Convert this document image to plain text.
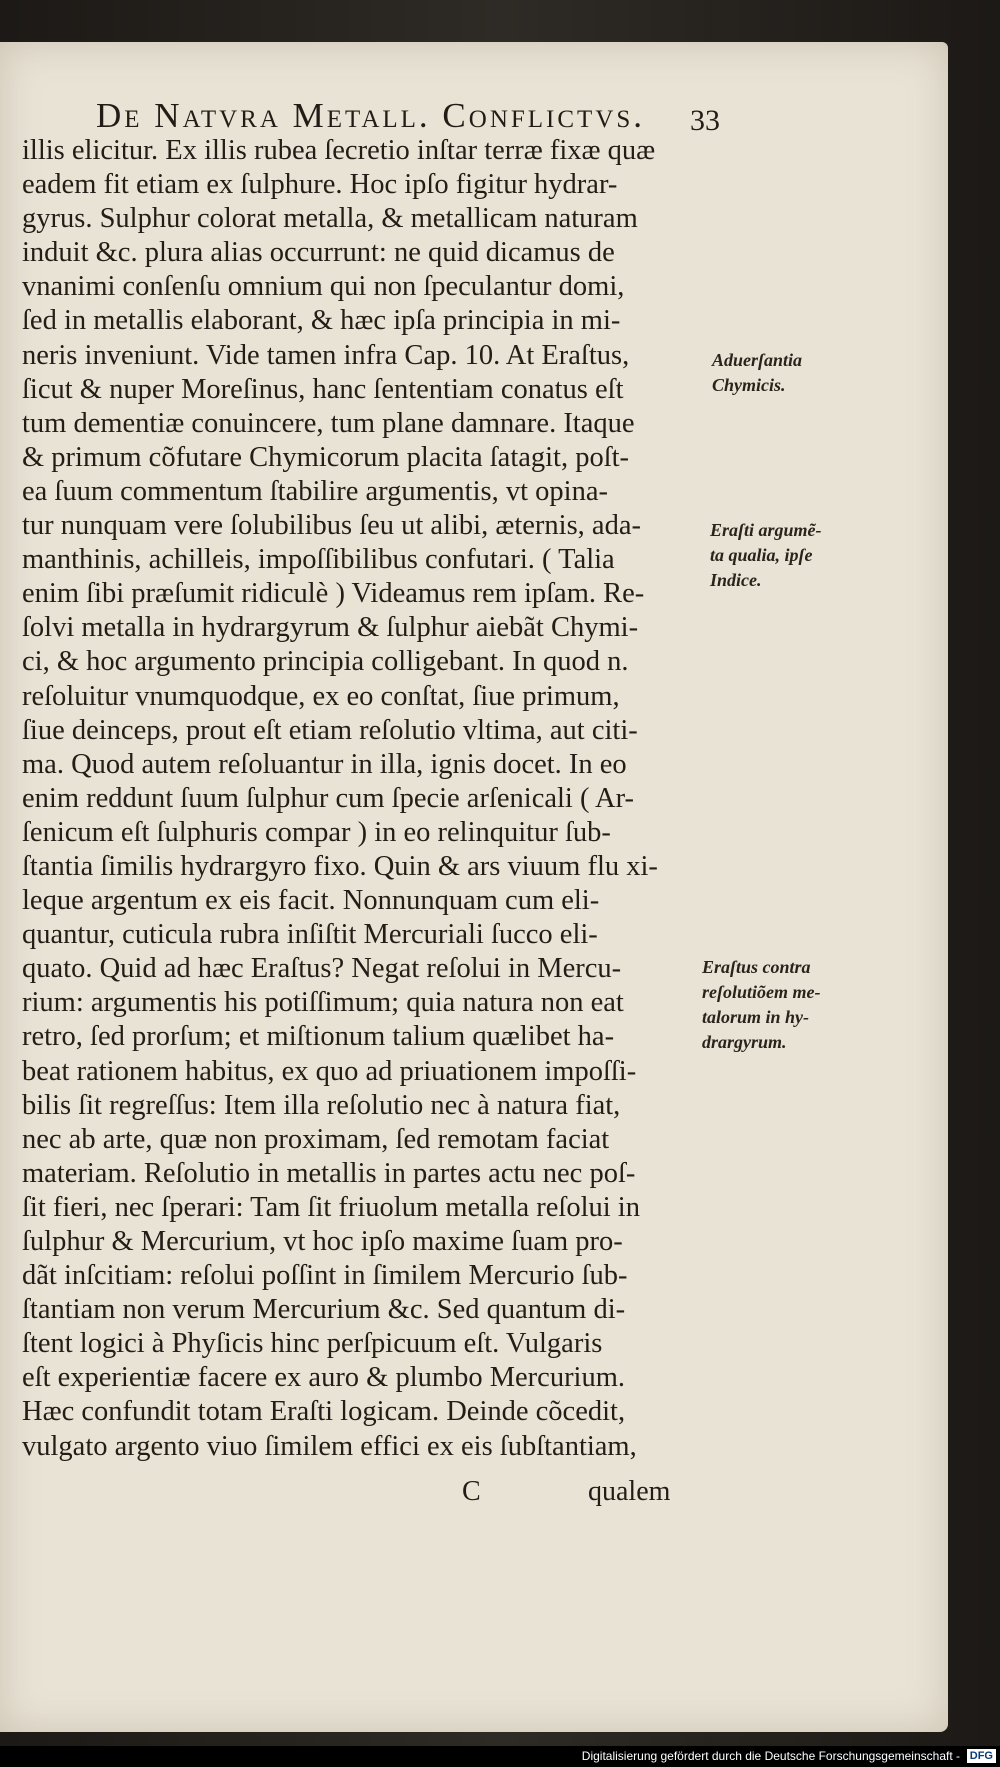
De Natvra Metall. Conflictvs.	33
illis elicitur. Ex illis rubea ſecretio inſtar terræ fixæ quæ
eadem fit etiam ex ſulphure. Hoc ipſo figitur hydrar-
gyrus. Sulphur colorat metalla, & metallicam naturam
induit &c. plura alias occurrunt: ne quid dicamus de
vnanimi conſenſu omnium qui non ſpeculantur domi,
ſed in metallis elaborant, & hæc ipſa principia in mi-
neris inveniunt. Vide tamen infra Cap. 10. At Eraſtus,
ſicut & nuper Moreſinus, hanc ſententiam conatus eſt
tum dementiæ conuincere, tum plane damnare. Itaque
& primum cõfutare Chymicorum placita ſatagit, poſt-
ea ſuum commentum ſtabilire argumentis, vt opina-
tur nunquam vere ſolubilibus ſeu ut alibi, æternis, ada-
manthinis, achilleis, impoſſibilibus confutari. ( Talia
enim ſibi præſumit ridiculè ) Videamus rem ipſam. Re-
ſolvi metalla in hydrargyrum & ſulphur aiebãt Chymi-
ci, & hoc argumento principia colligebant. In quod n.
reſoluitur vnumquodque, ex eo conſtat, ſiue primum,
ſiue deinceps, prout eſt etiam reſolutio vltima, aut citi-
ma. Quod autem reſoluantur in illa, ignis docet. In eo
enim reddunt ſuum ſulphur cum ſpecie arſenicali ( Ar-
ſenicum eſt ſulphuris compar ) in eo relinquitur ſub-
ſtantia ſimilis hydrargyro fixo. Quin & ars viuum flu xi-
leque argentum ex eis facit. Nonnunquam cum eli-
quantur, cuticula rubra inſiſtit Mercuriali ſucco eli-
quato. Quid ad hæc Eraſtus? Negat reſolui in Mercu-
rium: argumentis his potiſſimum; quia natura non eat
retro, ſed prorſum; et miſtionum talium quælibet ha-
beat rationem habitus, ex quo ad priuationem impoſſi-
bilis ſit regreſſus: Item illa reſolutio nec à natura fiat,
nec ab arte, quæ non proximam, ſed remotam faciat
materiam. Reſolutio in metallis in partes actu nec poſ-
ſit fieri, nec ſperari: Tam ſit friuolum metalla reſolui in
ſulphur & Mercurium, vt hoc ipſo maxime ſuam pro-
dãt inſcitiam: reſolui poſſint in ſimilem Mercurio ſub-
ſtantiam non verum Mercurium &c. Sed quantum di-
ſtent logici à Phyſicis hinc perſpicuum eſt. Vulgaris
eſt experientiæ facere ex auro & plumbo Mercurium.
Hæc confundit totam Eraſti logicam. Deinde cõcedit,
vulgato argento viuo ſimilem effici ex eis ſubſtantiam,
Aduerſantia
Chymicis.
Eraſti argumẽ-
ta qualia, ipſe
Indice.
Eraſtus contra
reſolutiõem me-
talorum in hy-
drargyrum.
C	qualem
Digitalisierung gefördert durch die Deutsche Forschungsgemeinschaft - DFG
